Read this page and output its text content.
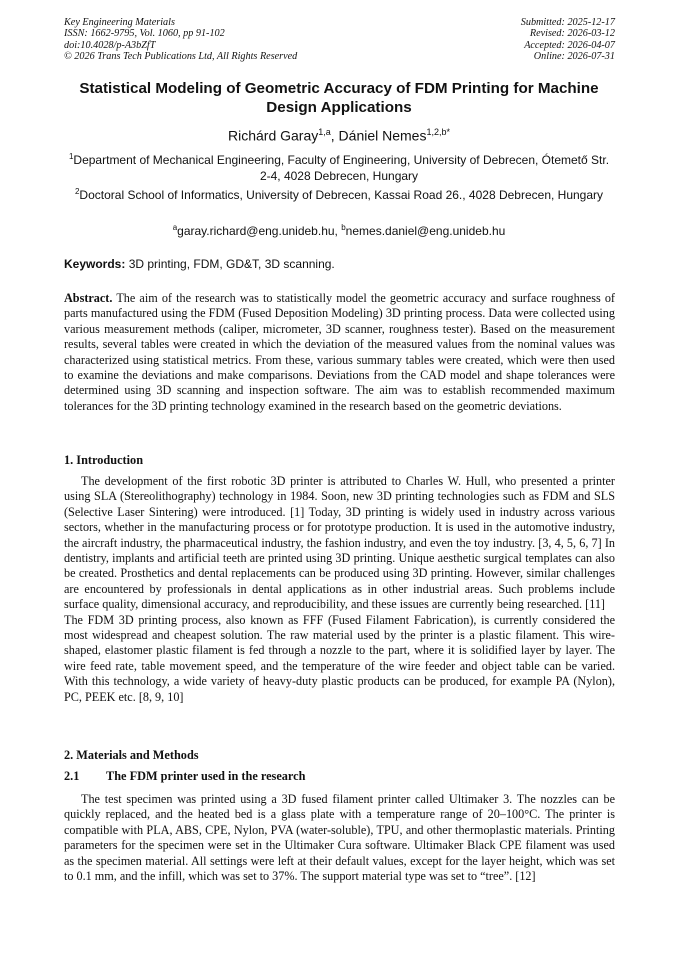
Key Engineering Materials
ISSN: 1662-9795, Vol. 1060, pp 91-102
doi:10.4028/p-A3bZfT
© 2026 Trans Tech Publications Ltd, All Rights Reserved
Submitted: 2025-12-17
Revised: 2026-03-12
Accepted: 2026-04-07
Online: 2026-07-31
Statistical Modeling of Geometric Accuracy of FDM Printing for Machine Design Applications
Richárd Garay$^{1,a}$, Dániel Nemes$^{1,2,b*}$
$^1$Department of Mechanical Engineering, Faculty of Engineering, University of Debrecen, Ótemető Str. 2-4, 4028 Debrecen, Hungary
$^2$Doctoral School of Informatics, University of Debrecen, Kassai Road 26., 4028 Debrecen, Hungary
$^a$garay.richard@eng.unideb.hu, $^b$nemes.daniel@eng.unideb.hu
Keywords: 3D printing, FDM, GD&T, 3D scanning.
Abstract. The aim of the research was to statistically model the geometric accuracy and surface roughness of parts manufactured using the FDM (Fused Deposition Modeling) 3D printing process. Data were collected using various measurement methods (caliper, micrometer, 3D scanner, roughness tester). Based on the measurement results, several tables were created in which the deviation of the measured values from the nominal values was characterized using statistical metrics. From these, various summary tables were created, which were then used to examine the deviations and make comparisons. Deviations from the CAD model and shape tolerances were determined using 3D scanning and inspection software. The aim was to establish recommended maximum tolerances for the 3D printing technology examined in the research based on the geometric deviations.
1. Introduction

The development of the first robotic 3D printer is attributed to Charles W. Hull, who presented a printer using SLA (Stereolithography) technology in 1984. Soon, new 3D printing technologies such as FDM and SLS (Selective Laser Sintering) were introduced. [1] Today, 3D printing is widely used in industry across various sectors, whether in the manufacturing process or for prototype production. It is used in the automotive industry, the aircraft industry, the pharmaceutical industry, the fashion industry, and even the toy industry. [3, 4, 5, 6, 7] In dentistry, implants and artificial teeth are printed using 3D printing. Unique aesthetic surgical templates can also be created. Prosthetics and dental replacements can be produced using 3D printing. However, similar challenges are encountered by professionals in dental applications as in other industrial areas. Such problems include surface quality, dimensional accuracy, and reproducibility, and these issues are currently being researched. [11]

The FDM 3D printing process, also known as FFF (Fused Filament Fabrication), is currently considered the most widespread and cheapest solution. The raw material used by the printer is a plastic filament. This wire-shaped, elastomer plastic filament is fed through a nozzle to the part, where it is solidified layer by layer. The wire feed rate, table movement speed, and the temperature of the wire feeder and object table can be varied. With this technology, a wide variety of heavy-duty plastic products can be produced, for example PA (Nylon), PC, PEEK etc. [8, 9, 10]

2. Materials and Methods
2.1 The FDM printer used in the research

The test specimen was printed using a 3D fused filament printer called Ultimaker 3. The nozzles can be quickly replaced, and the heated bed is a glass plate with a temperature range of 20–100°C. The printer is compatible with PLA, ABS, CPE, Nylon, PVA (water-soluble), TPU, and other thermoplastic materials. Printing parameters for the specimen were set in the Ultimaker Cura software. Ultimaker Black CPE filament was used as the specimen material. All settings were left at their default values, except for the layer height, which was set to 0.1 mm, and the infill, which was set to 37%. The support material type was set to “tree”. [12]
